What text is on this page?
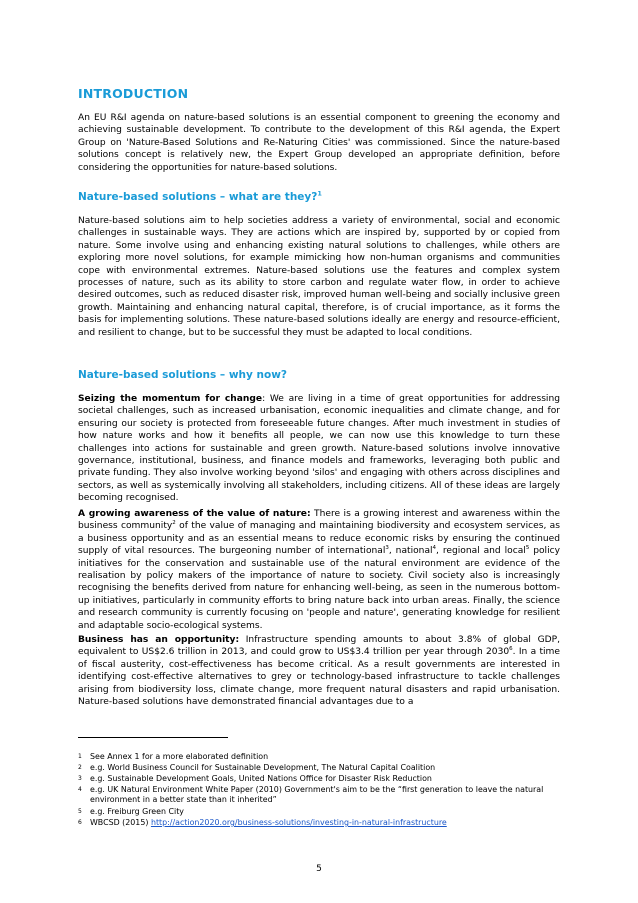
INTRODUCTION

An EU R&I agenda on nature-based solutions is an essential component to greening the economy and achieving sustainable development. To contribute to the development of this R&I agenda, the Expert Group on 'Nature-Based Solutions and Re-Naturing Cities' was commissioned. Since the nature-based solutions concept is relatively new, the Expert Group developed an appropriate definition, before considering the opportunities for nature-based solutions.

Nature-based solutions – what are they?$^1$

Nature-based solutions aim to help societies address a variety of environmental, social and economic challenges in sustainable ways. They are actions which are inspired by, supported by or copied from nature. Some involve using and enhancing existing natural solutions to challenges, while others are exploring more novel solutions, for example mimicking how non-human organisms and communities cope with environmental extremes. Nature-based solutions use the features and complex system processes of nature, such as its ability to store carbon and regulate water flow, in order to achieve desired outcomes, such as reduced disaster risk, improved human well-being and socially inclusive green growth. Maintaining and enhancing natural capital, therefore, is of crucial importance, as it forms the basis for implementing solutions. These nature-based solutions ideally are energy and resource-efficient, and resilient to change, but to be successful they must be adapted to local conditions.

Nature-based solutions – why now?

Seizing the momentum for change: We are living in a time of great opportunities for addressing societal challenges, such as increased urbanisation, economic inequalities and climate change, and for ensuring our society is protected from foreseeable future changes. After much investment in studies of how nature works and how it benefits all people, we can now use this knowledge to turn these challenges into actions for sustainable and green growth. Nature-based solutions involve innovative governance, institutional, business, and finance models and frameworks, leveraging both public and private funding. They also involve working beyond 'silos' and engaging with others across disciplines and sectors, as well as systemically involving all stakeholders, including citizens. All of these ideas are largely becoming recognised.

A growing awareness of the value of nature: There is a growing interest and awareness within the business community$^2$ of the value of managing and maintaining biodiversity and ecosystem services, as a business opportunity and as an essential means to reduce economic risks by ensuring the continued supply of vital resources. The burgeoning number of international$^3$, national$^4$, regional and local$^5$ policy initiatives for the conservation and sustainable use of the natural environment are evidence of the realisation by policy makers of the importance of nature to society. Civil society also is increasingly recognising the benefits derived from nature for enhancing well-being, as seen in the numerous bottom-up initiatives, particularly in community efforts to bring nature back into urban areas. Finally, the science and research community is currently focusing on 'people and nature', generating knowledge for resilient and adaptable socio-ecological systems.

Business has an opportunity: Infrastructure spending amounts to about 3.8% of global GDP, equivalent to US$2.6 trillion in 2013, and could grow to US$3.4 trillion per year through 2030$^6$. In a time of fiscal austerity, cost-effectiveness has become critical. As a result governments are interested in identifying cost-effective alternatives to grey or technology-based infrastructure to tackle challenges arising from biodiversity loss, climate change, more frequent natural disasters and rapid urbanisation. Nature-based solutions have demonstrated financial advantages due to a

1 See Annex 1 for a more elaborated definition
2 e.g. World Business Council for Sustainable Development, The Natural Capital Coalition
3 e.g. Sustainable Development Goals, United Nations Office for Disaster Risk Reduction
4 e.g. UK Natural Environment White Paper (2010) Government's aim to be the “first generation to leave the natural environment in a better state than it inherited”
5 e.g. Freiburg Green City
6 WBCSD (2015) http://action2020.org/business-solutions/investing-in-natural-infrastructure
5
